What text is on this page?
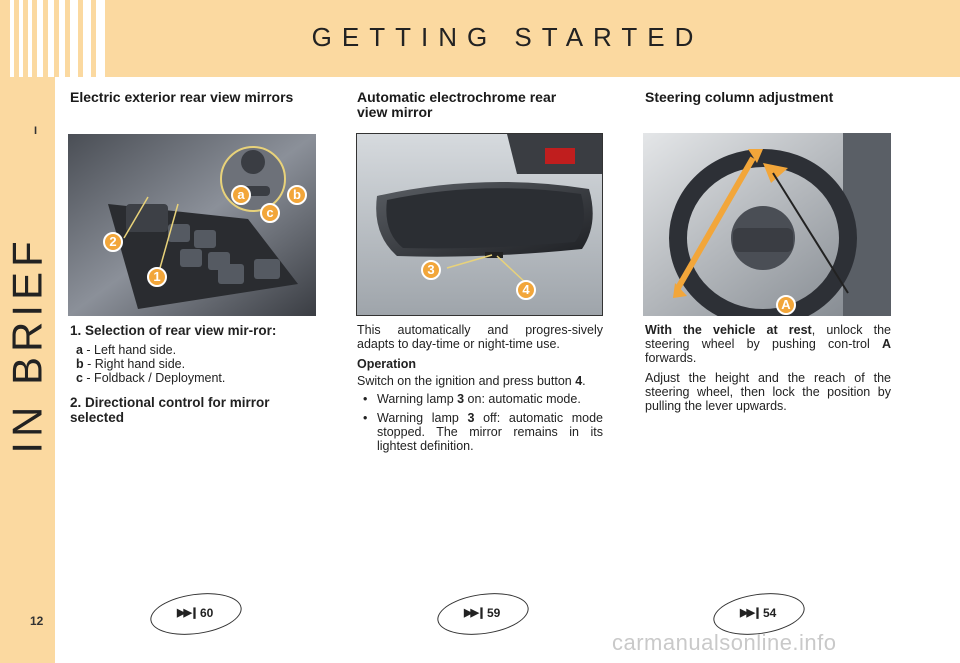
GETTING STARTED
I
IN BRIEF
12
Electric exterior rear view mirrors
a	b
c
2
1
1. Selection of rear view mir-ror:
a - Left hand side.
b - Right hand side.
c - Foldback / Deployment.
2. Directional control for mirror selected
Automatic electrochrome rear view mirror
3
4

This automatically and progres-sively adapts to day-time or night-time use.

Operation

Switch on the ignition and press button 4.

• Warning lamp 3 on: automatic mode.
• Warning lamp 3 off: automatic mode stopped. The mirror remains in its lightest definition.
Steering column adjustment
A

With the vehicle at rest, unlock the steering wheel by pushing con-trol A forwards.

Adjust the height and the reach of the steering wheel, then lock the position by pulling the lever upwards.

▶▶❙ 60	▶▶❙ 59	▶▶❙ 54
carmanualsonline.info
